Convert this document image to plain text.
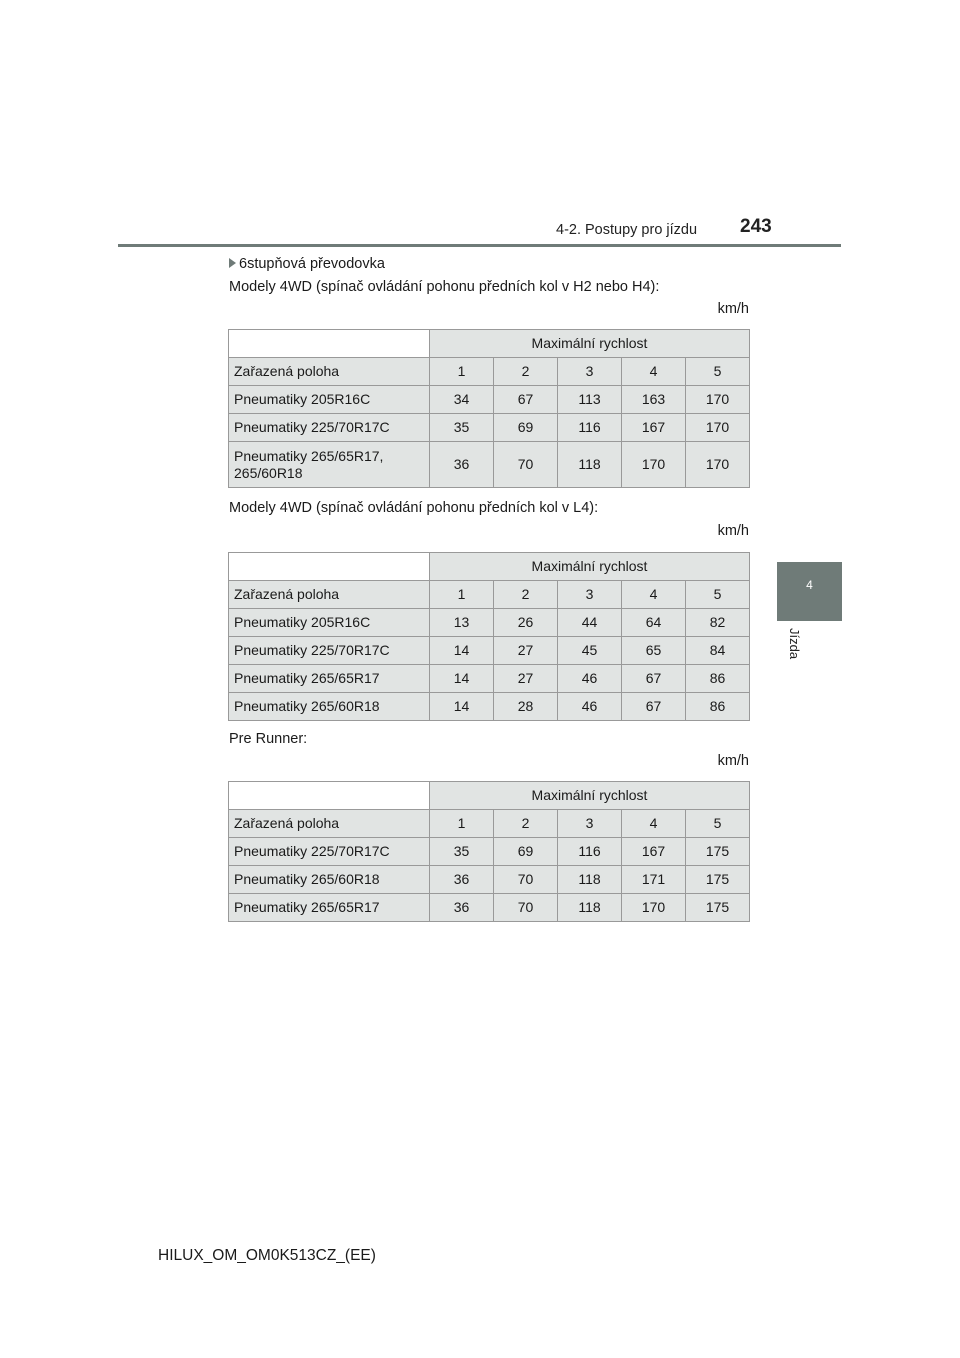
4-2. Postupy pro jízdu 243
4
Jízda
6stupňová převodovka
Modely 4WD (spínač ovládání pohonu předních kol v H2 nebo H4):
km/h
	Maximální rychlost				
Zařazená poloha	1	2	3	4	5
Pneumatiky 205R16C	34	67	113	163	170
Pneumatiky 225/70R17C	35	69	116	167	170
Pneumatiky 265/65R17,
265/60R18	36	70	118	170	170
Modely 4WD (spínač ovládání pohonu předních kol v L4):
km/h
	Maximální rychlost				
Zařazená poloha	1	2	3	4	5
Pneumatiky 205R16C	13	26	44	64	82
Pneumatiky 225/70R17C	14	27	45	65	84
Pneumatiky 265/65R17	14	27	46	67	86
Pneumatiky 265/60R18	14	28	46	67	86
Pre Runner:
km/h
	Maximální rychlost				
Zařazená poloha	1	2	3	4	5
Pneumatiky 225/70R17C	35	69	116	167	175
Pneumatiky 265/60R18	36	70	118	171	175
Pneumatiky 265/65R17	36	70	118	170	175
HILUX_OM_OM0K513CZ_(EE)
